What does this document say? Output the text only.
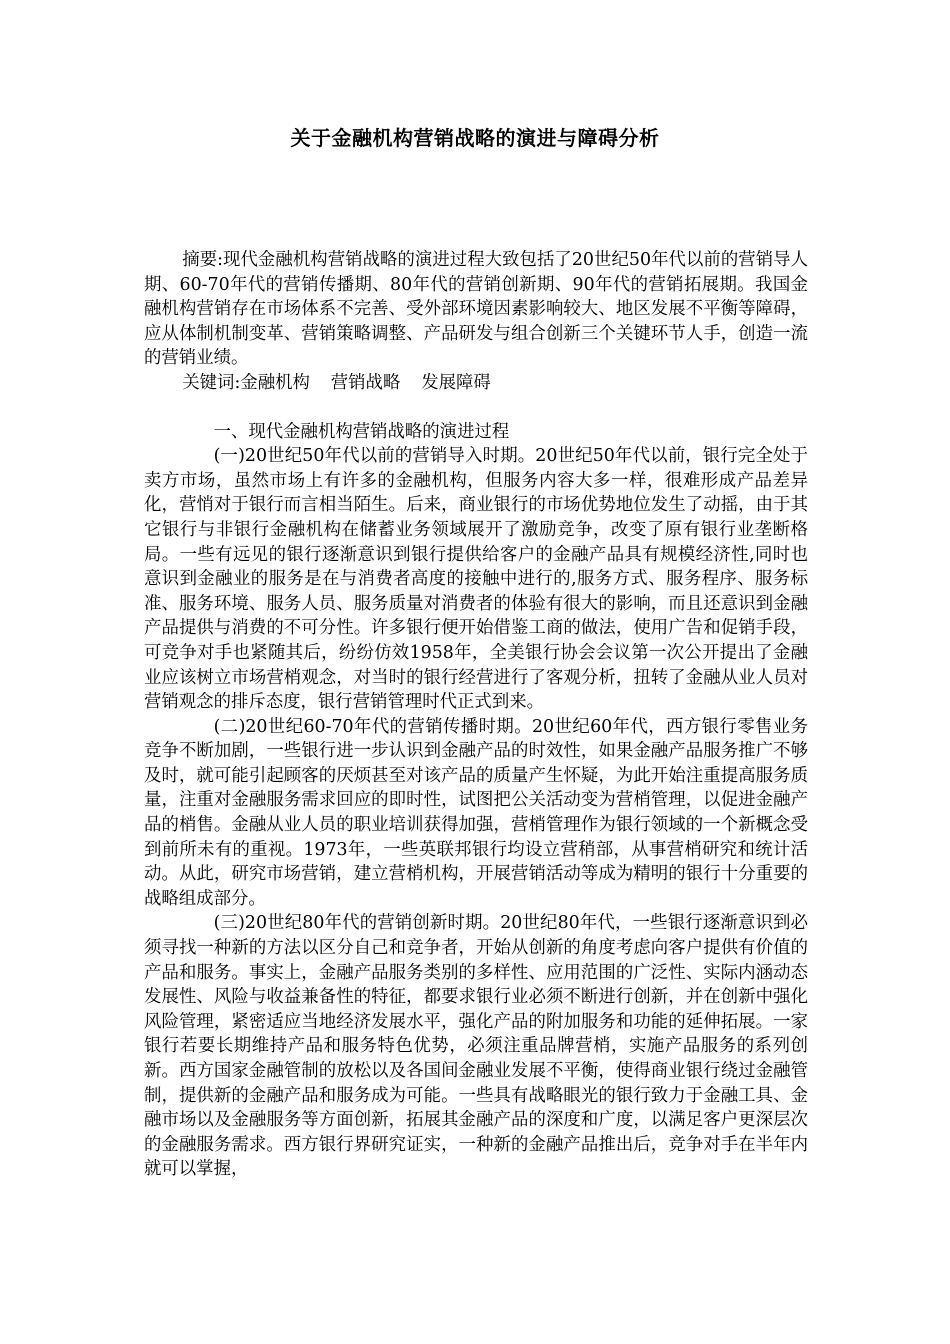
关于金融机构营销战略的演进与障碍分析

摘要:现代金融机构营销战略的演进过程大致包括了20世纪50年代以前的营销导人期、60-70年代的营销传播期、80年代的营销创新期、90年代的营销拓展期。我国金融机构营销存在市场体系不完善、受外部环境因素影响较大、地区发展不平衡等障碍，应从体制机制变革、营销策略调整、产品研发与组合创新三个关键环节人手，创造一流的营销业绩。

关键词:金融机构 营销战略 发展障碍

一、现代金融机构营销战略的演进过程

(一)20世纪50年代以前的营销导入时期。20世纪50年代以前，银行完全处于卖方市场，虽然市场上有许多的金融机构，但服务内容大多一样，很难形成产品差异化，营悄对于银行而言相当陌生。后来，商业银行的市场优势地位发生了动摇，由于其它银行与非银行金融机构在储蓄业务领域展开了激励竞争，改变了原有银行业垄断格局。一些有远见的银行逐渐意识到银行提供给客户的金融产品具有规模经济性,同时也意识到金融业的服务是在与消费者高度的接触中进行的,服务方式、服务程序、服务标准、服务环境、服务人员、服务质量对消费者的体验有很大的影响，而且还意识到金融产品提供与消费的不可分性。许多银行便开始借鉴工商的做法，使用广告和促销手段，可竞争对手也紧随其后，纷纷仿效1958年，全美银行协会会议第一次公开提出了金融业应该树立市场营梢观念，对当时的银行经营进行了客观分析，扭转了金融从业人员对营销观念的排斥态度，银行营销管理时代正式到来。

(二)20世纪60-70年代的营销传播时期。20世纪60年代，西方银行零售业务竞争不断加剧，一些银行进一步认识到金融产品的时效性，如果金融产品服务推广不够及时，就可能引起顾客的厌烦甚至对该产品的质量产生怀疑，为此开始注重提高服务质量，注重对金融服务需求回应的即时性，试图把公关活动变为营梢管理，以促进金融产品的梢售。金融从业人员的职业培训获得加强，营梢管理作为银行领域的一个新概念受到前所未有的重视。1973年，一些英联邦银行均设立营稍部，从事营梢研究和统计活动。从此，研究市场营销，建立营梢机构，开展营销活动等成为精明的银行十分重要的战略组成部分。

(三)20世纪80年代的营销创新时期。20世纪80年代，一些银行逐渐意识到必须寻找一种新的方法以区分自己和竞争者，开始从创新的角度考虑向客户提供有价值的产品和服务。事实上，金融产品服务类别的多样性、应用范围的广泛性、实际内涵动态发展性、风险与收益兼备性的特征，都要求银行业必须不断进行创新，并在创新中强化风险管理，紧密适应当地经济发展水平，强化产品的附加服务和功能的延伸拓展。一家银行若要长期维持产品和服务特色优势，必须注重品牌营梢，实施产品服务的系列创新。西方国家金融管制的放松以及各国间金融业发展不平衡，使得商业银行绕过金融管制，提供新的金融产品和服务成为可能。一些具有战略眼光的银行致力于金融工具、金融市场以及金融服务等方面创新，拓展其金融产品的深度和广度，以满足客户更深层次的金融服务需求。西方银行界研究证实，一种新的金融产品推出后，竞争对手在半年内就可以掌握，
